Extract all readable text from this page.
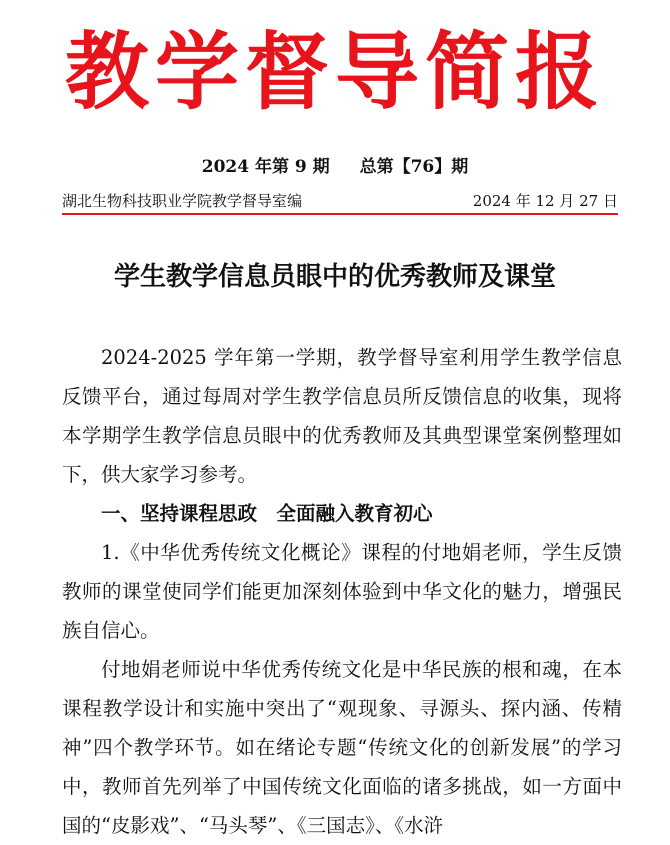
教学督导简报
2024 年第 9 期 总第【76】期
湖北生物科技职业学院教学督导室编	2024 年 12 月 27 日
学生教学信息员眼中的优秀教师及课堂

2024-2025 学年第一学期，教学督导室利用学生教学信息反馈平台，通过每周对学生教学信息员所反馈信息的收集，现将本学期学生教学信息员眼中的优秀教师及其典型课堂案例整理如下，供大家学习参考。

一、坚持课程思政　全面融入教育初心

1.《中华优秀传统文化概论》课程的付地娟老师，学生反馈教师的课堂使同学们能更加深刻体验到中华文化的魅力，增强民族自信心。

付地娟老师说中华优秀传统文化是中华民族的根和魂，在本课程教学设计和实施中突出了“观现象、寻源头、探内涵、传精神”四个教学环节。如在绪论专题“传统文化的创新发展”的学习中，教师首先列举了中国传统文化面临的诸多挑战，如一方面中国的“皮影戏”、“马头琴”、《三国志》、《水浒
